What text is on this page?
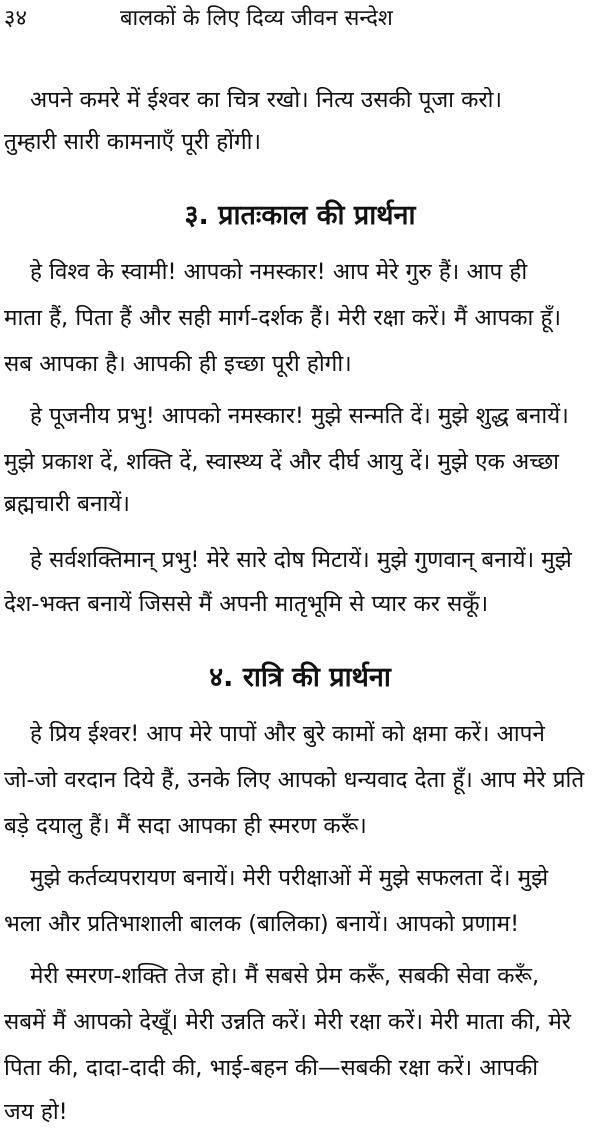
३४	बालकों के लिए दिव्य जीवन सन्देश
अपने कमरे में ईश्वर का चित्र रखो। नित्य उसकी पूजा करो।
तुम्हारी सारी कामनाएँ पूरी होंगी।
३. प्रातःकाल की प्रार्थना
हे विश्व के स्वामी! आपको नमस्कार! आप मेरे गुरु हैं। आप ही
माता हैं, पिता हैं और सही मार्ग-दर्शक हैं। मेरी रक्षा करें। मैं आपका हूँ।
सब आपका है। आपकी ही इच्छा पूरी होगी।
हे पूजनीय प्रभु! आपको नमस्कार! मुझे सन्मति दें। मुझे शुद्ध बनायें।
मुझे प्रकाश दें, शक्ति दें, स्वास्थ्य दें और दीर्घ आयु दें। मुझे एक अच्छा
ब्रह्मचारी बनायें।
हे सर्वशक्तिमान् प्रभु! मेरे सारे दोष मिटायें। मुझे गुणवान् बनायें। मुझे
देश-भक्त बनायें जिससे मैं अपनी मातृभूमि से प्यार कर सकूँ।
४. रात्रि की प्रार्थना
हे प्रिय ईश्वर! आप मेरे पापों और बुरे कामों को क्षमा करें। आपने
जो-जो वरदान दिये हैं, उनके लिए आपको धन्यवाद देता हूँ। आप मेरे प्रति
बड़े दयालु हैं। मैं सदा आपका ही स्मरण करूँ।
मुझे कर्तव्यपरायण बनायें। मेरी परीक्षाओं में मुझे सफलता दें। मुझे
भला और प्रतिभाशाली बालक (बालिका) बनायें। आपको प्रणाम!
मेरी स्मरण-शक्ति तेज हो। मैं सबसे प्रेम करूँ, सबकी सेवा करूँ,
सबमें मैं आपको देखूँ। मेरी उन्नति करें। मेरी रक्षा करें। मेरी माता की, मेरे
पिता की, दादा-दादी की, भाई-बहन की—सबकी रक्षा करें। आपकी
जय हो!
